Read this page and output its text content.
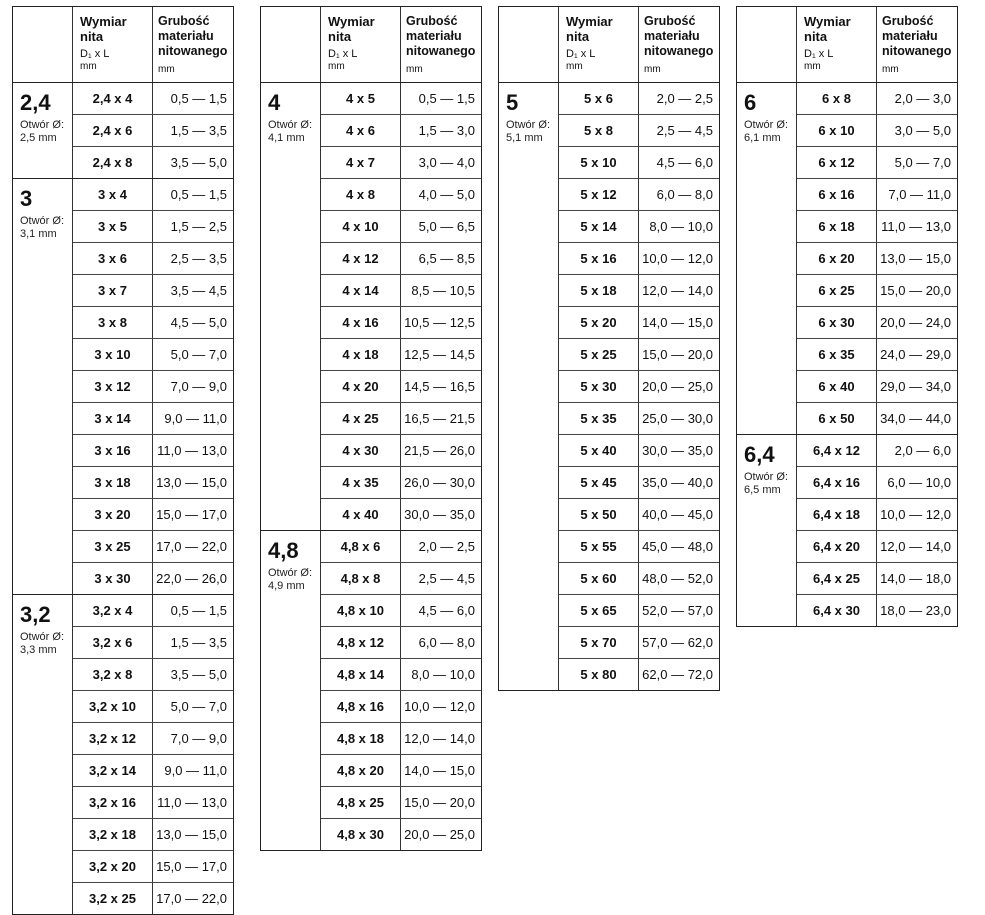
Wymiar nita
D₁ x L
mm
Grubość materiału nitowanego
mm
2,4
Otwór Ø:
2,5 mm
2,4 x 4	0,5 — 1,5
2,4 x 6	1,5 — 3,5
2,4 x 8	3,5 — 5,0
3
Otwór Ø:
3,1 mm
3 x 4	0,5 — 1,5
3 x 5	1,5 — 2,5
3 x 6	2,5 — 3,5
3 x 7	3,5 — 4,5
3 x 8	4,5 — 5,0
3 x 10	5,0 — 7,0
3 x 12	7,0 — 9,0
3 x 14	9,0 — 11,0
3 x 16	11,0 — 13,0
3 x 18	13,0 — 15,0
3 x 20	15,0 — 17,0
3 x 25	17,0 — 22,0
3 x 30	22,0 — 26,0
3,2
Otwór Ø:
3,3 mm
3,2 x 4	0,5 — 1,5
3,2 x 6	1,5 — 3,5
3,2 x 8	3,5 — 5,0
3,2 x 10	5,0 — 7,0
3,2 x 12	7,0 — 9,0
3,2 x 14	9,0 — 11,0
3,2 x 16	11,0 — 13,0
3,2 x 18	13,0 — 15,0
3,2 x 20	15,0 — 17,0
3,2 x 25	17,0 — 22,0
Wymiar nita
D₁ x L
mm
Grubość materiału nitowanego
mm
4
Otwór Ø:
4,1 mm
4 x 5	0,5 — 1,5
4 x 6	1,5 — 3,0
4 x 7	3,0 — 4,0
4 x 8	4,0 — 5,0
4 x 10	5,0 — 6,5
4 x 12	6,5 — 8,5
4 x 14	8,5 — 10,5
4 x 16	10,5 — 12,5
4 x 18	12,5 — 14,5
4 x 20	14,5 — 16,5
4 x 25	16,5 — 21,5
4 x 30	21,5 — 26,0
4 x 35	26,0 — 30,0
4 x 40	30,0 — 35,0
4,8
Otwór Ø:
4,9 mm
4,8 x 6	2,0 — 2,5
4,8 x 8	2,5 — 4,5
4,8 x 10	4,5 — 6,0
4,8 x 12	6,0 — 8,0
4,8 x 14	8,0 — 10,0
4,8 x 16	10,0 — 12,0
4,8 x 18	12,0 — 14,0
4,8 x 20	14,0 — 15,0
4,8 x 25	15,0 — 20,0
4,8 x 30	20,0 — 25,0
Wymiar nita
D₁ x L
mm
Grubość materiału nitowanego
mm
5
Otwór Ø:
5,1 mm
5 x 6	2,0 — 2,5
5 x 8	2,5 — 4,5
5 x 10	4,5 — 6,0
5 x 12	6,0 — 8,0
5 x 14	8,0 — 10,0
5 x 16	10,0 — 12,0
5 x 18	12,0 — 14,0
5 x 20	14,0 — 15,0
5 x 25	15,0 — 20,0
5 x 30	20,0 — 25,0
5 x 35	25,0 — 30,0
5 x 40	30,0 — 35,0
5 x 45	35,0 — 40,0
5 x 50	40,0 — 45,0
5 x 55	45,0 — 48,0
5 x 60	48,0 — 52,0
5 x 65	52,0 — 57,0
5 x 70	57,0 — 62,0
5 x 80	62,0 — 72,0
Wymiar nita
D₁ x L
mm
Grubość materiału nitowanego
mm
6
Otwór Ø:
6,1 mm
6 x 8	2,0 — 3,0
6 x 10	3,0 — 5,0
6 x 12	5,0 — 7,0
6 x 16	7,0 — 11,0
6 x 18	11,0 — 13,0
6 x 20	13,0 — 15,0
6 x 25	15,0 — 20,0
6 x 30	20,0 — 24,0
6 x 35	24,0 — 29,0
6 x 40	29,0 — 34,0
6 x 50	34,0 — 44,0
6,4
Otwór Ø:
6,5 mm
6,4 x 12	2,0 — 6,0
6,4 x 16	6,0 — 10,0
6,4 x 18	10,0 — 12,0
6,4 x 20	12,0 — 14,0
6,4 x 25	14,0 — 18,0
6,4 x 30	18,0 — 23,0
